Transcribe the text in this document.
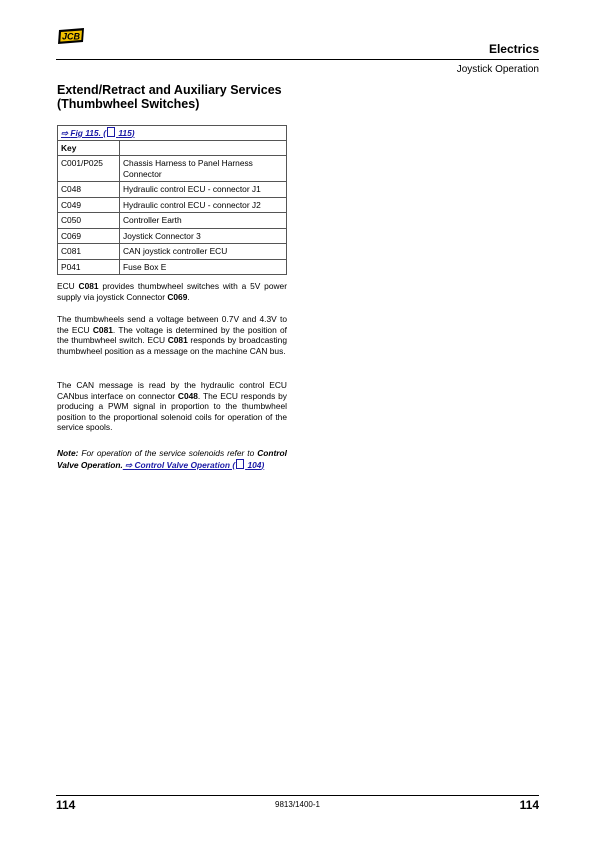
JCB
Electrics
Joystick Operation
Extend/Retract and Auxiliary Services (Thumbwheel Switches)
⇨ Fig 115. ( 115)	
Key	
C001/P025	Chassis Harness to Panel Harness Connector
C048	Hydraulic control ECU - connector J1
C049	Hydraulic control ECU - connector J2
C050	Controller Earth
C069	Joystick Connector 3
C081	CAN joystick controller ECU
P041	Fuse Box E

ECU C081 provides thumbwheel switches with a 5V power supply via joystick Connector C069.

The thumbwheels send a voltage between 0.7V and 4.3V to the ECU C081. The voltage is determined by the position of the thumbwheel switch. ECU C081 responds by broadcasting thumbwheel position as a message on the machine CAN bus.

The CAN message is read by the hydraulic control ECU CANbus interface on connector C048. The ECU responds by producing a PWM signal in proportion to the thumbwheel position to the proportional solenoid coils for operation of the service spools.

Note: For operation of the service solenoids refer to Control Valve Operation. ⇨ Control Valve Operation ( 104)

114	9813/1400-1	114
